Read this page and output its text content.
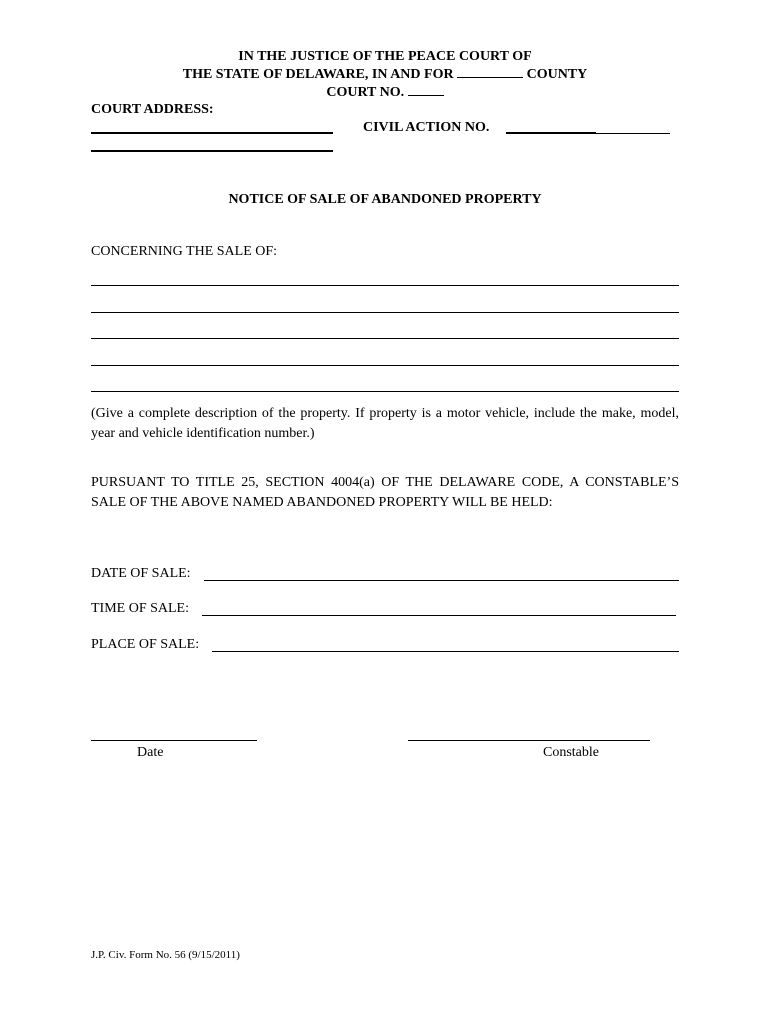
IN THE JUSTICE OF THE PEACE COURT OF
THE STATE OF DELAWARE, IN AND FOR	COUNTY
COURT NO.
COURT ADDRESS:
CIVIL ACTION NO.
NOTICE OF SALE OF ABANDONED PROPERTY
CONCERNING THE SALE OF:
(Give a complete description of the property. If property is a motor vehicle, include the make, model, year and vehicle identification number.)
PURSUANT TO TITLE 25, SECTION 4004(a) OF THE DELAWARE CODE, A CONSTABLE’S SALE OF THE ABOVE NAMED ABANDONED PROPERTY WILL BE HELD:
DATE OF SALE:
TIME OF SALE:
PLACE OF SALE:
Date	Constable
J.P. Civ. Form No. 56 (9/15/2011)
